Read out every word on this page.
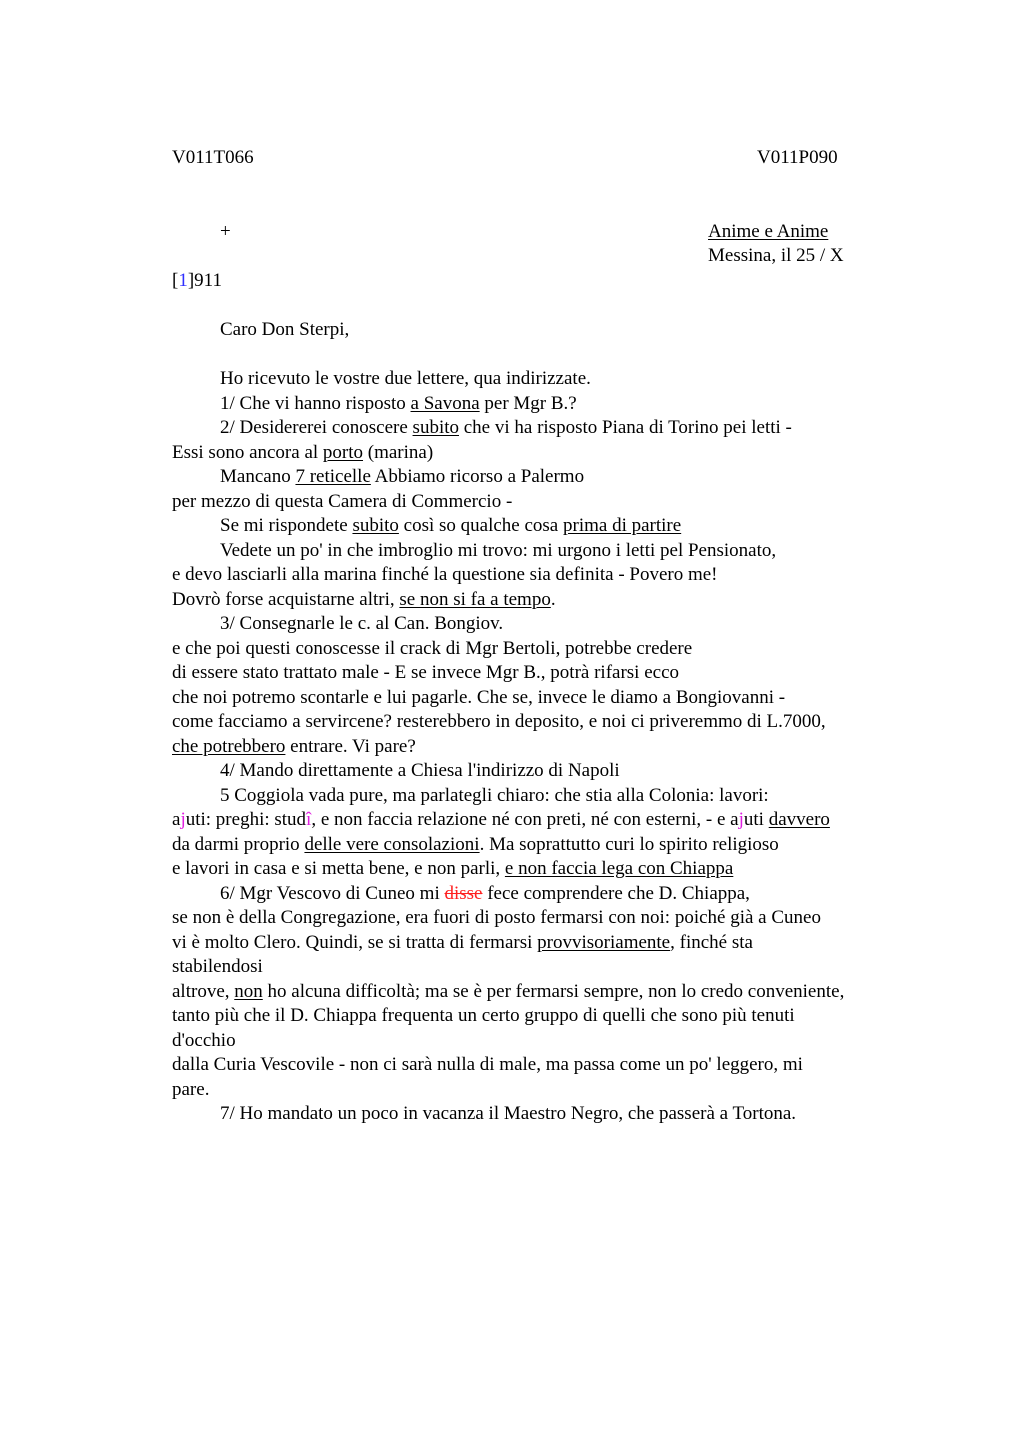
V011T066	V011P090
+	Anime e Anime
Messina, il 25 / X
[1]911
Caro Don Sterpi,
Ho ricevuto le vostre due lettere, qua indirizzate.
1/ Che vi hanno risposto a Savona per Mgr B.?
2/ Desidererei conoscere subito che vi ha risposto Piana di Torino pei letti -
Essi sono ancora al porto (marina)
Mancano 7 reticelle Abbiamo ricorso a Palermo
per mezzo di questa Camera di Commercio -
Se mi rispondete subito così so qualche cosa prima di partire
Vedete un po' in che imbroglio mi trovo: mi urgono i letti pel Pensionato,
e devo lasciarli alla marina finché la questione sia definita - Povero me!
Dovrò forse acquistarne altri, se non si fa a tempo.
3/ Consegnarle le c. al Can. Bongiov.
e che poi questi conoscesse il crack di Mgr Bertoli, potrebbe credere
di essere stato trattato male - E se invece Mgr B., potrà rifarsi ecco
che noi potremo scontarle e lui pagarle. Che se, invece le diamo a Bongiovanni -
come facciamo a servircene? resterebbero in deposito, e noi ci priveremmo di L.7000,
che potrebbero entrare. Vi pare?
4/ Mando direttamente a Chiesa l'indirizzo di Napoli
5 Coggiola vada pure, ma parlategli chiaro: che stia alla Colonia: lavori:
ajuti: preghi: studî, e non faccia relazione né con preti, né con esterni, - e ajuti davvero
da darmi proprio delle vere consolazioni. Ma soprattutto curi lo spirito religioso
e lavori in casa e si metta bene, e non parli, e non faccia lega con Chiappa
6/ Mgr Vescovo di Cuneo mi disse fece comprendere che D. Chiappa,
se non è della Congregazione, era fuori di posto fermarsi con noi: poiché già a Cuneo
vi è molto Clero. Quindi, se si tratta di fermarsi provvisoriamente, finché sta
stabilendosi
altrove, non ho alcuna difficoltà; ma se è per fermarsi sempre, non lo credo conveniente,
tanto più che il D. Chiappa frequenta un certo gruppo di quelli che sono più tenuti
d'occhio
dalla Curia Vescovile - non ci sarà nulla di male, ma passa come un po' leggero, mi
pare.
7/ Ho mandato un poco in vacanza il Maestro Negro, che passerà a Tortona.
